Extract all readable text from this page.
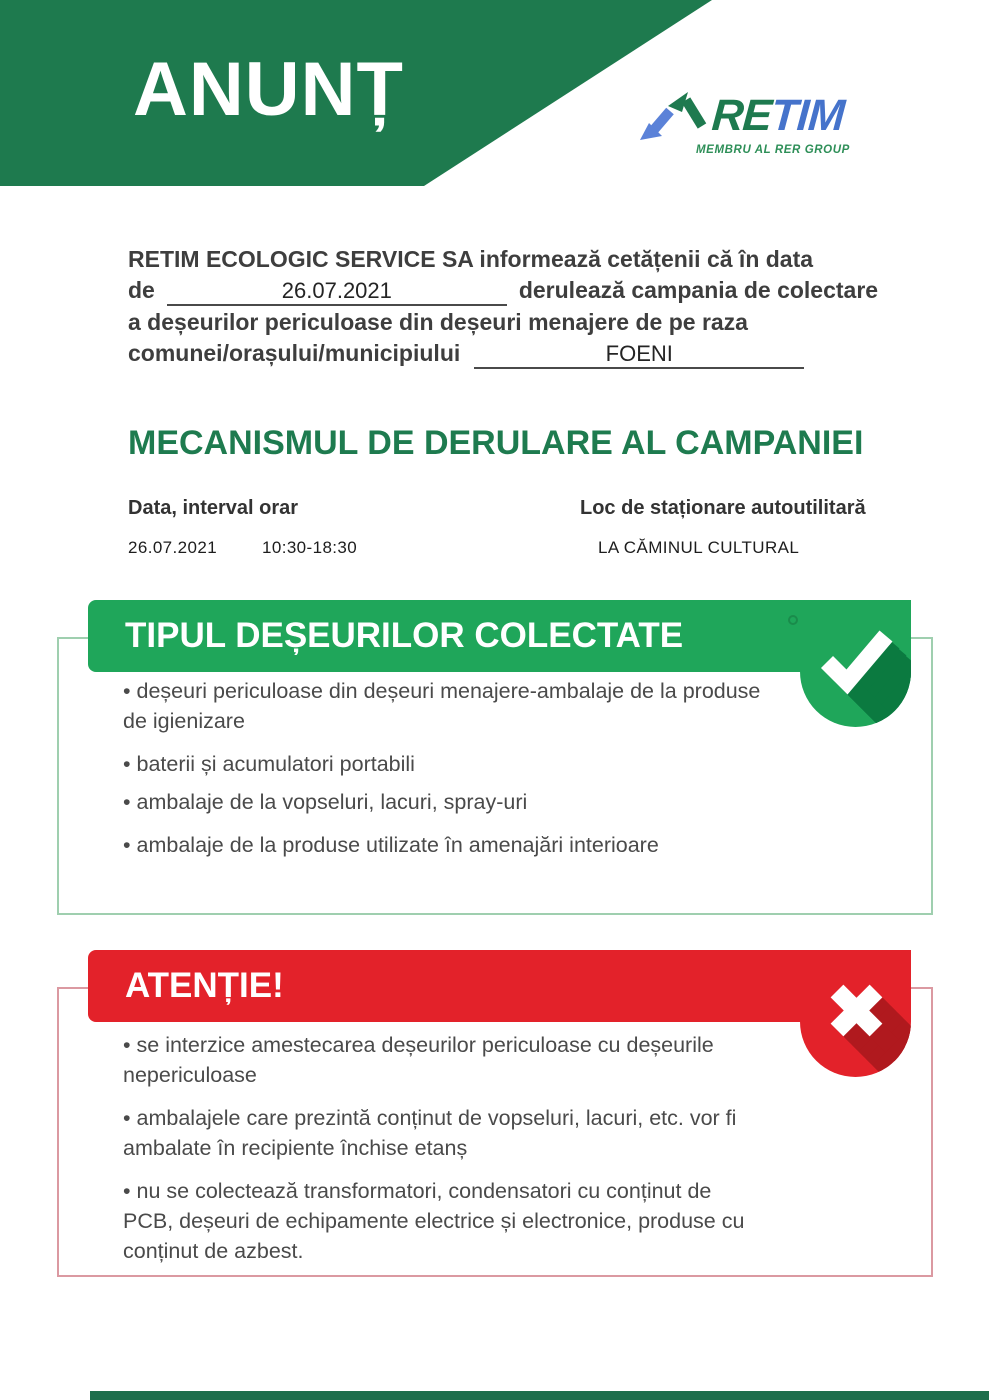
ANUNȚ	RETIM
MEMBRU AL RER GROUP
RETIM ECOLOGIC SERVICE SA informează cetățenii că în data
de	26.07.2021	derulează campania de colectare
a deșeurilor periculoase din deșeuri menajere de pe raza
comunei/orașului/municipiului	FOENI
MECANISMUL DE DERULARE AL CAMPANIEI
Data, interval orar	Loc de staționare autoutilitară
26.07.2021	10:30-18:30	LA CĂMINUL CULTURAL
• deșeuri periculoase din deșeuri menajere-ambalaje de la produse de igienizare
• baterii și acumulatori portabili
• ambalaje de la vopseluri, lacuri, spray-uri
• ambalaje de la produse utilizate în amenajări interioare
TIPUL DEȘEURILOR COLECTATE
• se interzice amestecarea deșeurilor periculoase cu deșeurile nepericuloase
• ambalajele care prezintă conținut de vopseluri, lacuri, etc. vor fi ambalate în recipiente închise etanș
• nu se colectează transformatori, condensatori cu conținut de PCB, deșeuri de echipamente electrice și electronice, produse cu conținut de azbest.
ATENȚIE!
